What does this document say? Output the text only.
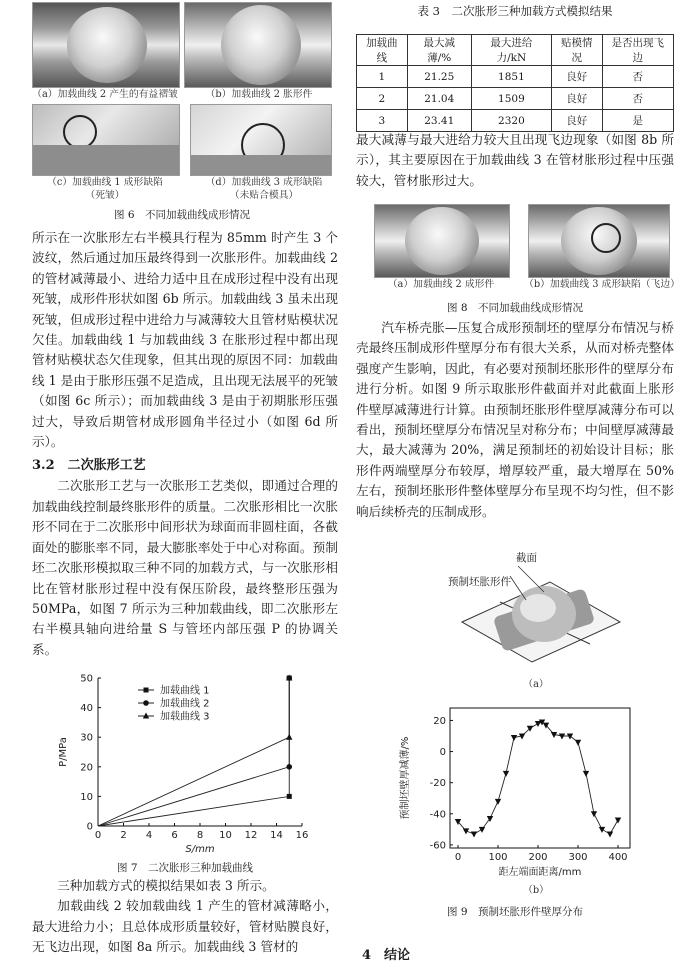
（a）加载曲线 2 产生的有益褶皱	（b）加载曲线 2 胀形件
（c）加载曲线 1 成形缺陷
（死皱）
（d）加载曲线 3 成形缺陷
（未贴合模具）
图 6　不同加载曲线成形情况

所示在一次胀形左右半模具行程为 85mm 时产生 3 个波纹，然后通过加压最终得到一次胀形件。加载曲线 2 的管材减薄最小、进给力适中且在成形过程中没有出现死皱，成形件形状如图 6b 所示。加载曲线 3 虽未出现死皱，但成形过程中进给力与减薄较大且管材贴模状况欠佳。加载曲线 1 与加载曲线 3 在胀形过程中都出现管材贴模状态欠佳现象，但其出现的原因不同：加载曲线 1 是由于胀形压强不足造成，且出现无法展平的死皱（如图 6c 所示）；而加载曲线 3 是由于初期胀形压强过大，导致后期管材成形圆角半径过小（如图 6d 所示）。

3.2　二次胀形工艺

二次胀形工艺与一次胀形工艺类似，即通过合理的加载曲线控制最终胀形件的质量。二次胀形相比一次胀形不同在于二次胀形中间形状为球面而非圆柱面，各截面处的膨胀率不同，最大膨胀率处于中心对称面。预制坯二次胀形模拟取三种不同的加载方式，与一次胀形相比在管材胀形过程中没有保压阶段，最终整形压强为 50MPa，如图 7 所示为三种加载曲线，即二次胀形左右半模具轴向进给量 S 与管坯内部压强 P 的协调关系。

0 2 4 6 8 10 12 14 16
0
10
20
30
40
50
S/mm
P/MPa
加载曲线 1
加载曲线 2
加载曲线 3
图 7　二次胀形三种加载曲线

三种加载方式的模拟结果如表 3 所示。

加载曲线 2 较加载曲线 1 产生的管材减薄略小，最大进给力小；且总体成形质量较好，管材贴膜良好，无飞边出现，如图 8a 所示。加载曲线 3 管材的

表 3　二次胀形三种加载方式模拟结果
加载曲线	最大减薄/%	最大进给力/kN	贴模情况	是否出现飞边
1	21.25	1851	良好	否
2	21.04	1509	良好	否
3	23.41	2320	良好	是

最大减薄与最大进给力较大且出现飞边现象（如图 8b 所示），其主要原因在于加载曲线 3 在管材胀形过程中压强较大，管材胀形过大。

（a）加载曲线 2 成形件	（b）加载曲线 3 成形缺陷（飞边）
图 8　不同加载曲线成形情况

汽车桥壳胀—压复合成形预制坯的壁厚分布情况与桥壳最终压制成形件壁厚分布有很大关系，从而对桥壳整体强度产生影响，因此，有必要对预制坯胀形件的壁厚分布进行分析。如图 9 所示取胀形件截面并对此截面上胀形件壁厚减薄进行计算。由预制坯胀形件壁厚减薄分布可以看出，预制坯壁厚分布情况呈对称分布；中间壁厚减薄最大，最大减薄为 20%，满足预制坯的初始设计目标；胀形件两端壁厚分布较厚，增厚较严重，最大增厚在 50% 左右，预制坯胀形件整体壁厚分布呈现不均匀性，但不影响后续桥壳的压制成形。

截面
预制坯胀形件
（a）
0	100 200 300 400
-60
-40
-20
0
20
距左端面距离/mm
预制坯壁厚减薄/%
（b）
图 9　预制坯胀形件壁厚分布
4　结论
